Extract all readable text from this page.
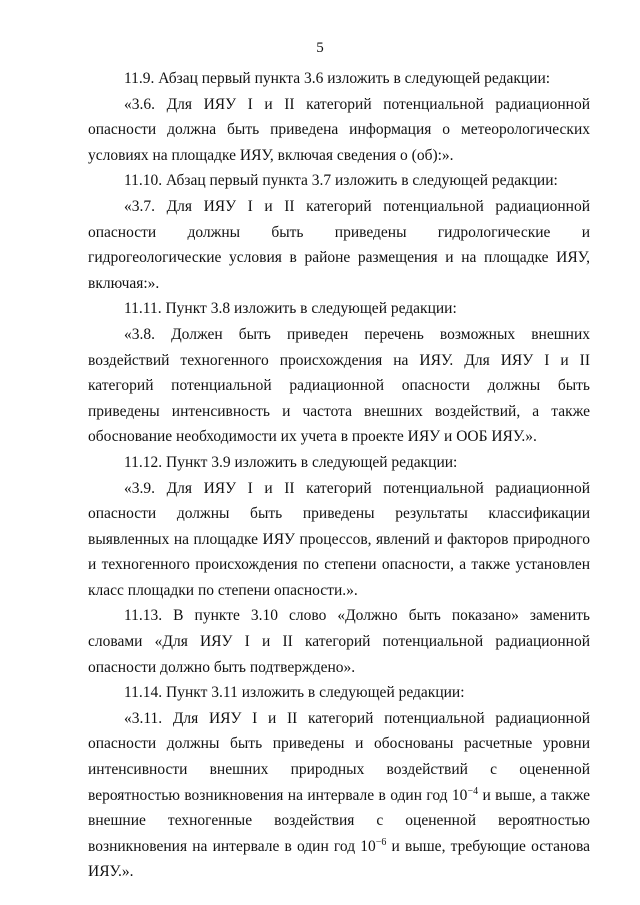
5

11.9. Абзац первый пункта 3.6 изложить в следующей редакции:

«3.6. Для ИЯУ I и II категорий потенциальной радиационной опасности должна быть приведена информация о метеорологических условиях на площадке ИЯУ, включая сведения о (об):».

11.10. Абзац первый пункта 3.7 изложить в следующей редакции:

«3.7. Для ИЯУ I и II категорий потенциальной радиационной опасности должны быть приведены гидрологические и гидрогеологические условия в районе размещения и на площадке ИЯУ, включая:».

11.11. Пункт 3.8 изложить в следующей редакции:

«3.8. Должен быть приведен перечень возможных внешних воздействий техногенного происхождения на ИЯУ. Для ИЯУ I и II категорий потенциальной радиационной опасности должны быть приведены интенсивность и частота внешних воздействий, а также обоснование необходимости их учета в проекте ИЯУ и ООБ ИЯУ.».

11.12. Пункт 3.9 изложить в следующей редакции:

«3.9. Для ИЯУ I и II категорий потенциальной радиационной опасности должны быть приведены результаты классификации выявленных на площадке ИЯУ процессов, явлений и факторов природного и техногенного происхождения по степени опасности, а также установлен класс площадки по степени опасности.».

11.13. В пункте 3.10 слово «Должно быть показано» заменить словами «Для ИЯУ I и II категорий потенциальной радиационной опасности должно быть подтверждено».

11.14. Пункт 3.11 изложить в следующей редакции:

«3.11. Для ИЯУ I и II категорий потенциальной радиационной опасности должны быть приведены и обоснованы расчетные уровни интенсивности внешних природных воздействий с оцененной вероятностью возникновения на интервале в один год $10^{-4}$ и выше, а также внешние техногенные воздействия с оцененной вероятностью возникновения на интервале в один год $10^{-6}$ и выше, требующие останова ИЯУ.».
